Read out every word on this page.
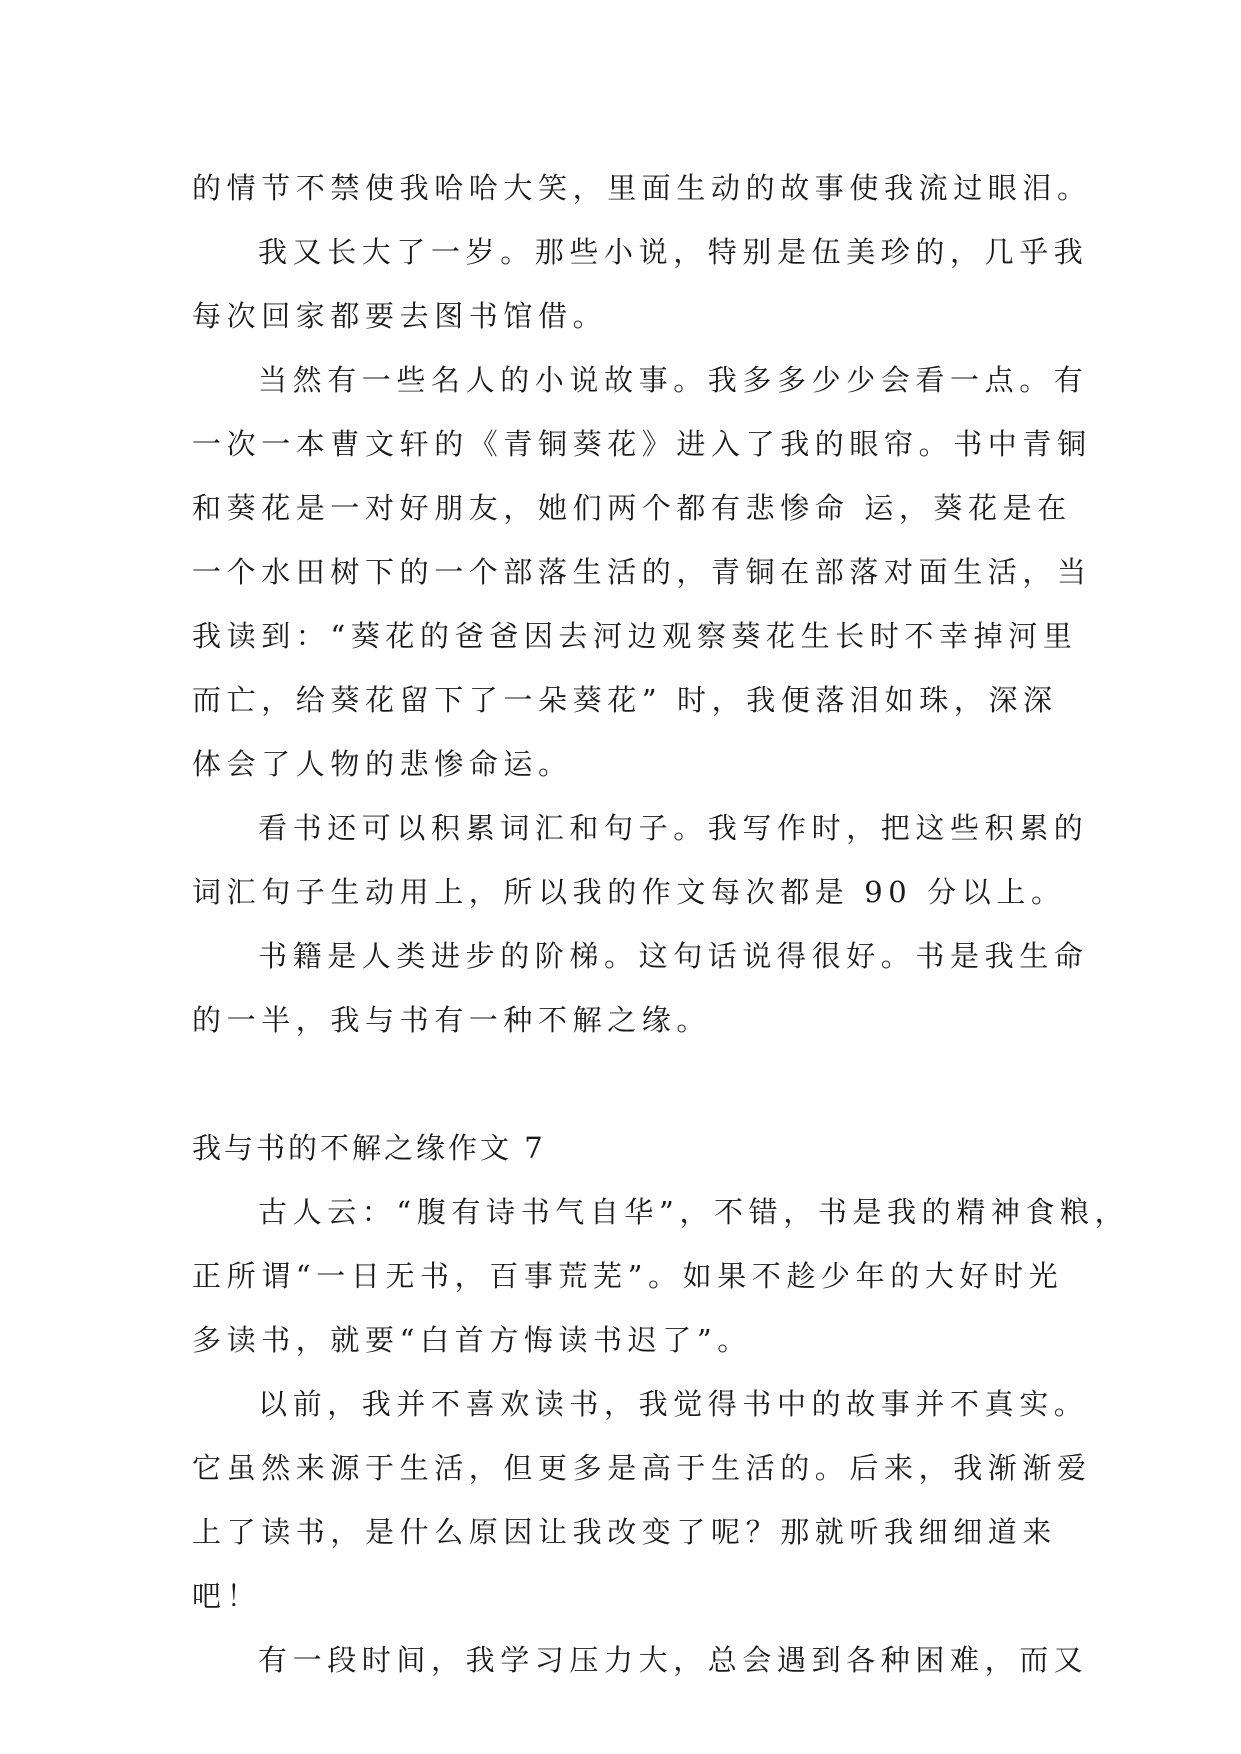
的情节不禁使我哈哈大笑，里面生动的故事使我流过眼泪。
我又长大了一岁。那些小说，特别是伍美珍的，几乎我
每次回家都要去图书馆借。
当然有一些名人的小说故事。我多多少少会看一点。有
一次一本曹文轩的《青铜葵花》进入了我的眼帘。书中青铜
和葵花是一对好朋友，她们两个都有悲惨命 运，葵花是在
一个水田树下的一个部落生活的，青铜在部落对面生活，当
我读到：“葵花的爸爸因去河边观察葵花生长时不幸掉河里
而亡，给葵花留下了一朵葵花” 时，我便落泪如珠，深深
体会了人物的悲惨命运。
看书还可以积累词汇和句子。我写作时，把这些积累的
词汇句子生动用上，所以我的作文每次都是 90 分以上。
书籍是人类进步的阶梯。这句话说得很好。书是我生命
的一半，我与书有一种不解之缘。
我与书的不解之缘作文 7
古人云：“腹有诗书气自华”，不错，书是我的精神食粮，
正所谓“一日无书，百事荒芜”。如果不趁少年的大好时光
多读书，就要“白首方悔读书迟了”。
以前，我并不喜欢读书，我觉得书中的故事并不真实。
它虽然来源于生活，但更多是高于生活的。后来，我渐渐爱
上了读书，是什么原因让我改变了呢？那就听我细细道来
吧！
有一段时间，我学习压力大，总会遇到各种困难，而又
